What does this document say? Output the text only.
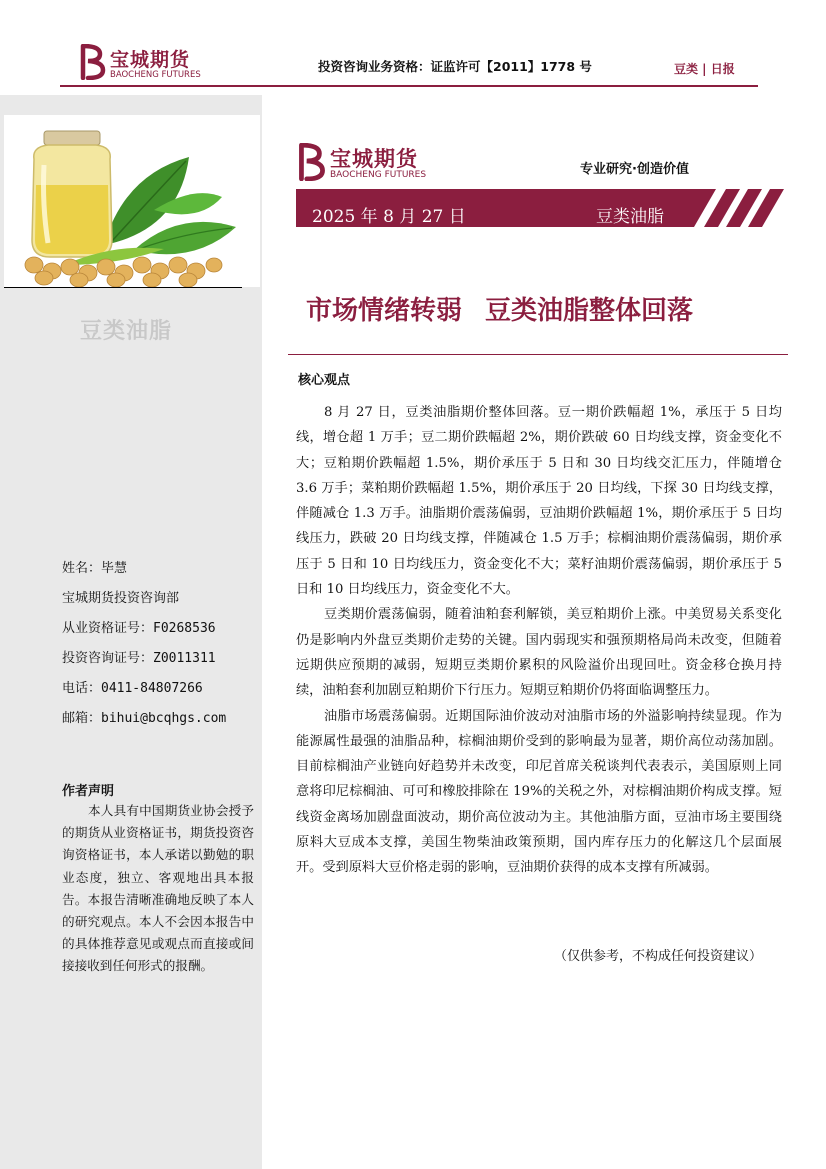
宝城期货
BAOCHENG FUTURES
投资咨询业务资格：证监许可【2011】1778 号	豆类 | 日报
豆类油脂
姓名：毕慧
宝城期货投资咨询部
从业资格证号：F0268536
投资咨询证号：Z0011311
电话：0411-84807266
邮箱：bihui@bcqhgs.com
作者声明
本人具有中国期货业协会授予的期货从业资格证书，期货投资咨询资格证书，本人承诺以勤勉的职业态度，独立、客观地出具本报告。本报告清晰准确地反映了本人的研究观点。本人不会因本报告中的具体推荐意见或观点而直接或间接接收到任何形式的报酬。
宝城期货
BAOCHENG FUTURES	专业研究·创造价值
2025 年 8 月 27 日	豆类油脂
市场情绪转弱 豆类油脂整体回落
核心观点

8 月 27 日，豆类油脂期价整体回落。豆一期价跌幅超 1%，承压于 5 日均线，增仓超 1 万手；豆二期价跌幅超 2%，期价跌破 60 日均线支撑，资金变化不大；豆粕期价跌幅超 1.5%，期价承压于 5 日和 30 日均线交汇压力，伴随增仓 3.6 万手；菜粕期价跌幅超 1.5%，期价承压于 20 日均线，下探 30 日均线支撑，伴随减仓 1.3 万手。油脂期价震荡偏弱，豆油期价跌幅超 1%，期价承压于 5 日均线压力，跌破 20 日均线支撑，伴随减仓 1.5 万手；棕榈油期价震荡偏弱，期价承压于 5 日和 10 日均线压力，资金变化不大；菜籽油期价震荡偏弱，期价承压于 5 日和 10 日均线压力，资金变化不大。

豆类期价震荡偏弱，随着油粕套利解锁，美豆粕期价上涨。中美贸易关系变化仍是影响内外盘豆类期价走势的关键。国内弱现实和强预期格局尚未改变，但随着远期供应预期的减弱，短期豆类期价累积的风险溢价出现回吐。资金移仓换月持续，油粕套利加剧豆粕期价下行压力。短期豆粕期价仍将面临调整压力。

油脂市场震荡偏弱。近期国际油价波动对油脂市场的外溢影响持续显现。作为能源属性最强的油脂品种，棕榈油期价受到的影响最为显著，期价高位动荡加剧。目前棕榈油产业链向好趋势并未改变，印尼首席关税谈判代表表示，美国原则上同意将印尼棕榈油、可可和橡胶排除在 19%的关税之外，对棕榈油期价构成支撑。短线资金离场加剧盘面波动，期价高位波动为主。其他油脂方面，豆油市场主要围绕原料大豆成本支撑，美国生物柴油政策预期，国内库存压力的化解这几个层面展开。受到原料大豆价格走弱的影响，豆油期价获得的成本支撑有所减弱。

（仅供参考，不构成任何投资建议）
